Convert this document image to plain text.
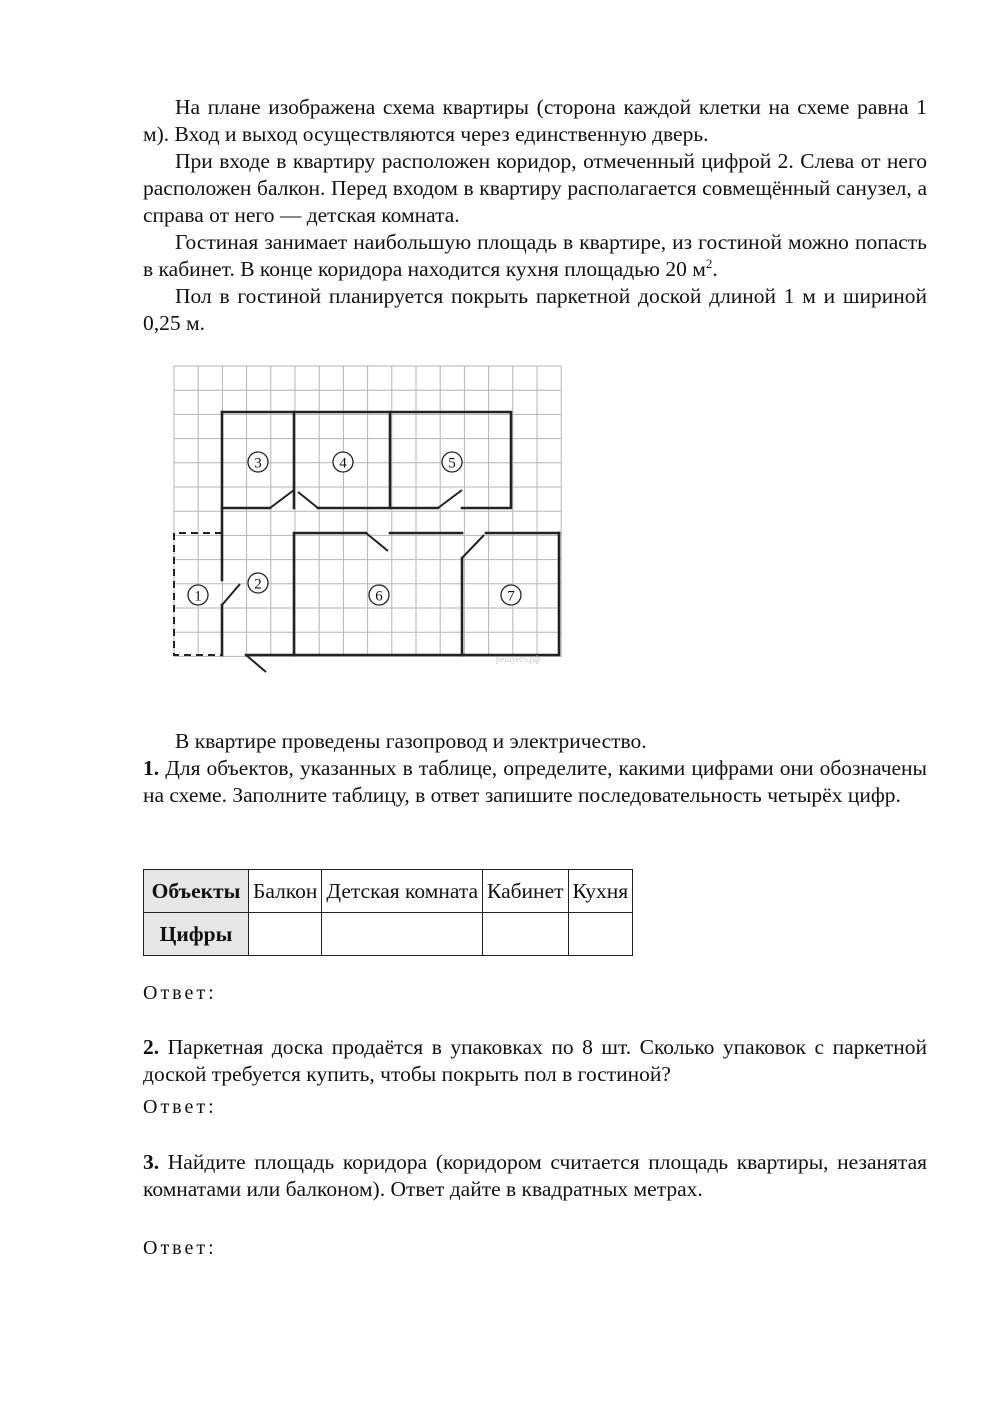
На плане изображена схема квартиры (сторона каждой клетки на схеме равна 1 м). Вход и выход осуществляются через единственную дверь.
При входе в квартиру расположен коридор, отмеченный цифрой 2. Слева от него расположен балкон. Перед входом в квартиру располагается совмещённый санузел, а справа от него — детская комната.
Гостиная занимает наибольшую площадь в квартире, из гостиной можно попасть в кабинет. В конце коридора находится кухня площадью 20 $м^2$.
Пол в гостиной планируется покрыть паркетной доской длиной 1 м и шириной 0,25 м.
1
2
3	4	5
6	7
решуегэ.рф
В квартире проведены газопровод и электричество.
1. Для объектов, указанных в таблице, определите, какими цифрами они обозначены на схеме. Заполните таблицу, в ответ запишите последовательность четырёх цифр.
Объекты	Балкон	Детская комната	Кабинет	Кухня
Цифры				
Ответ:
2. Паркетная доска продаётся в упаковках по 8 шт. Сколько упаковок с паркетной доской требуется купить, чтобы покрыть пол в гостиной?
Ответ:
3. Найдите площадь коридора (коридором считается площадь квартиры, незанятая комнатами или балконом). Ответ дайте в квадратных метрах.
Ответ:
